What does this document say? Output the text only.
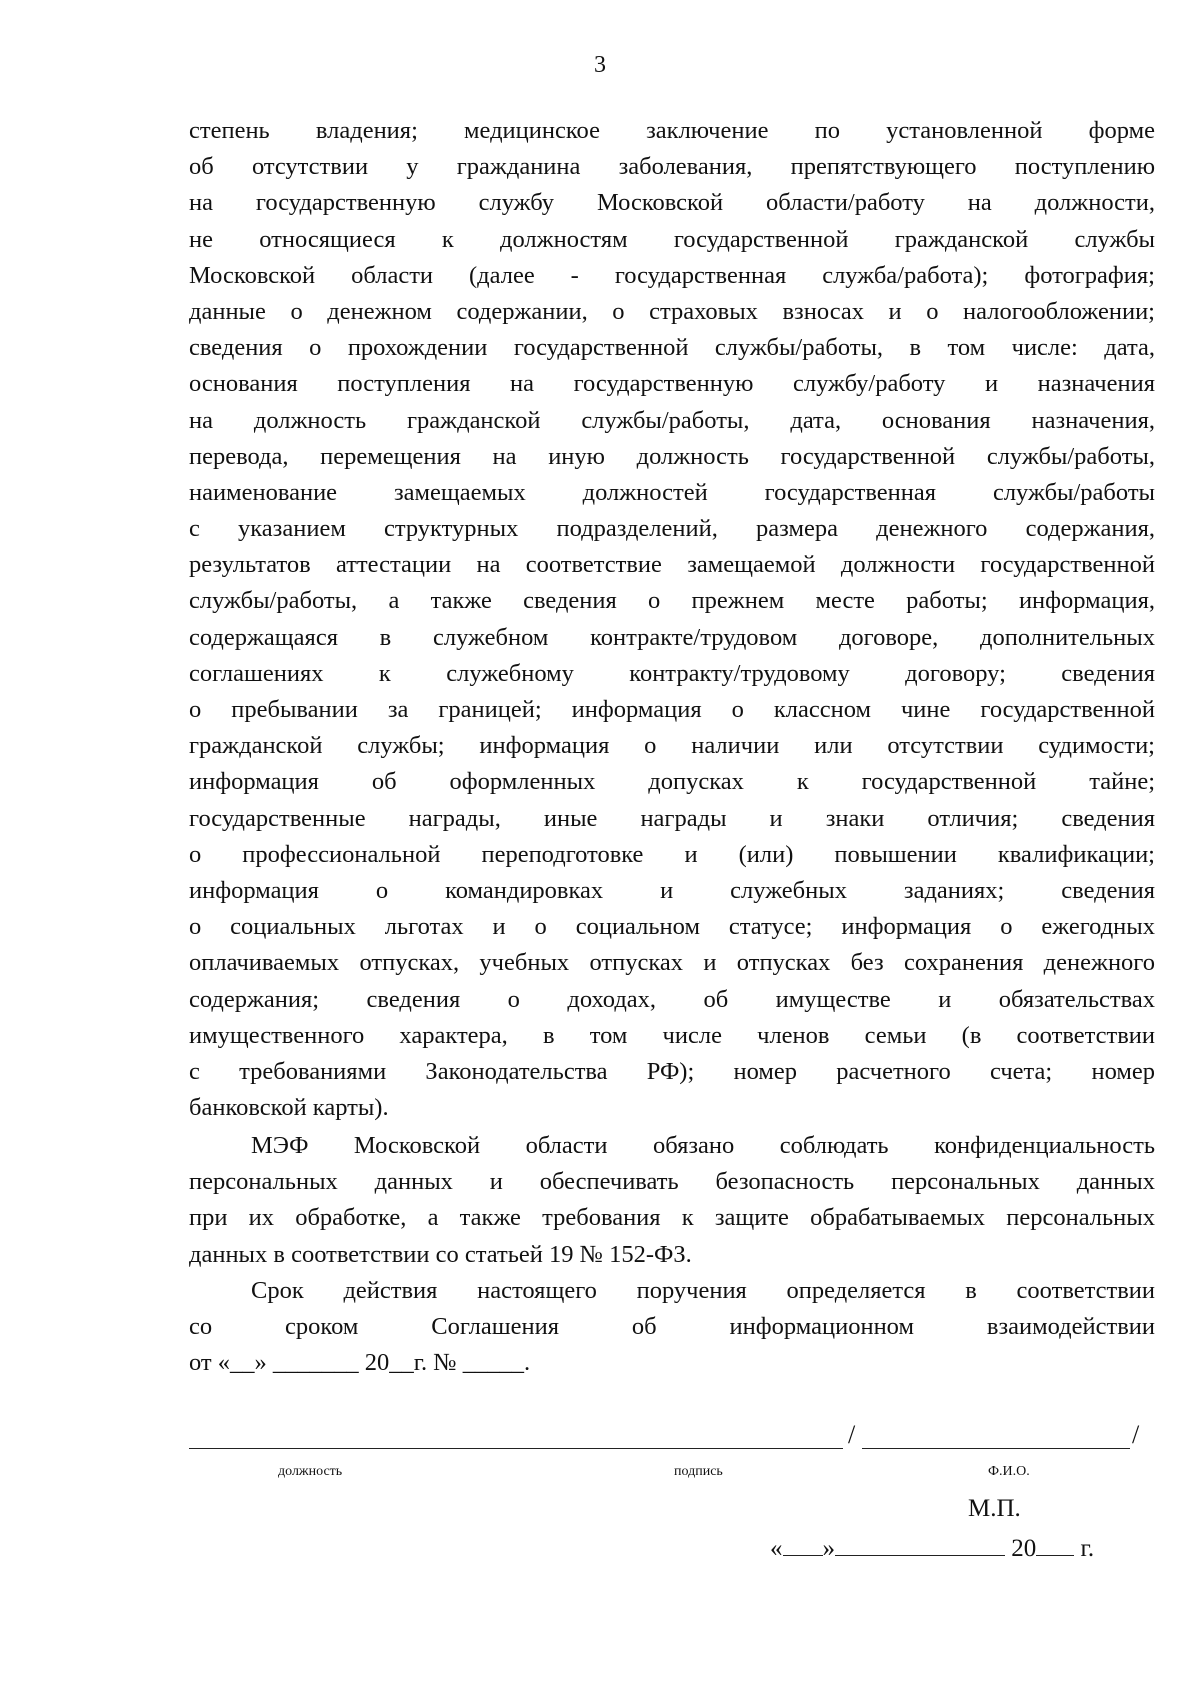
3
степень владения; медицинское заключение по установленной форме
об отсутствии у гражданина заболевания, препятствующего поступлению
на государственную службу Московской области/работу на должности,
не относящиеся к должностям государственной гражданской службы
Московской области (далее - государственная служба/работа); фотография;
данные о денежном содержании, о страховых взносах и о налогообложении;
сведения о прохождении государственной службы/работы, в том числе: дата,
основания поступления на государственную службу/работу и назначения
на должность гражданской службы/работы, дата, основания назначения,
перевода, перемещения на иную должность государственной службы/работы,
наименование замещаемых должностей государственная службы/работы
с указанием структурных подразделений, размера денежного содержания,
результатов аттестации на соответствие замещаемой должности государственной
службы/работы, а также сведения о прежнем месте работы; информация,
содержащаяся в служебном контракте/трудовом договоре, дополнительных
соглашениях к служебному контракту/трудовому договору; сведения
о пребывании за границей; информация о классном чине государственной
гражданской службы; информация о наличии или отсутствии судимости;
информация об оформленных допусках к государственной тайне;
государственные награды, иные награды и знаки отличия; сведения
о профессиональной переподготовке и (или) повышении квалификации;
информация о командировках и служебных заданиях; сведения
о социальных льготах и о социальном статусе; информация о ежегодных
оплачиваемых отпусках, учебных отпусках и отпусках без сохранения денежного
содержания; сведения о доходах, об имуществе и обязательствах
имущественного характера, в том числе членов семьи (в соответствии
с требованиями Законодательства РФ); номер расчетного счета; номер
банковской карты).
МЭФ Московской области обязано соблюдать конфиденциальность
персональных данных и обеспечивать безопасность персональных данных
при их обработке, а также требования к защите обрабатываемых персональных
данных в соответствии со статьей 19 № 152-ФЗ.
Срок действия настоящего поручения определяется в соответствии
со сроком Соглашения об информационном взаимодействии
от «__» _______ 20__г. № _____.
/	/
должность	подпись	Ф.И.О.
М.П.
« »	20 г.
